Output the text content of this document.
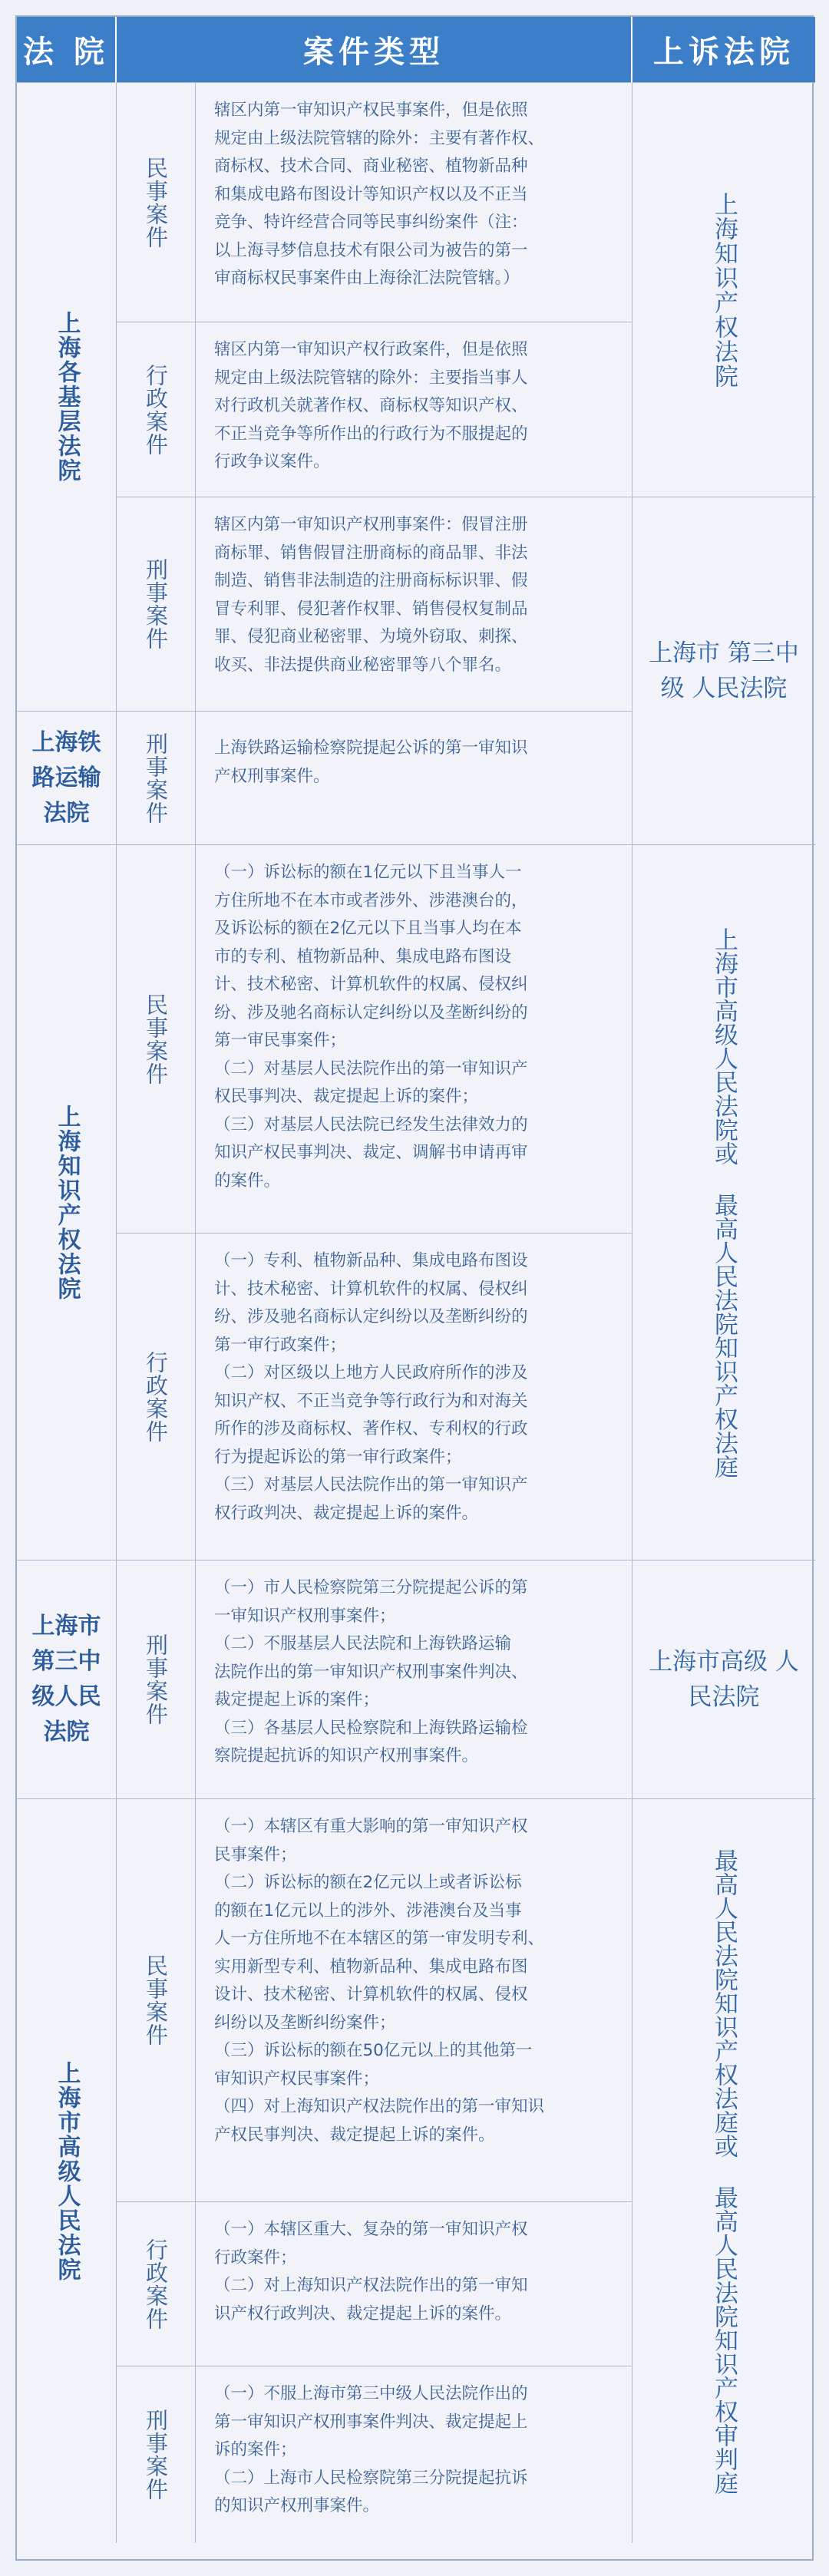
法 院	案件类型	上诉法院
上海各基层法院
上海铁路运输法院
上海知识产权法院
上海市第三中级人民法院
上海市高级人民法院
民事案件
行政案件
刑事案件
刑事案件
民事案件
行政案件
刑事案件
民事案件
行政案件
刑事案件
辖区内第一审知识产权民事案件，但是依照
规定由上级法院管辖的除外：主要有著作权、
商标权、技术合同、商业秘密、植物新品种
和集成电路布图设计等知识产权以及不正当
竞争、特许经营合同等民事纠纷案件（注：
以上海寻梦信息技术有限公司为被告的第一
审商标权民事案件由上海徐汇法院管辖。）
辖区内第一审知识产权行政案件，但是依照
规定由上级法院管辖的除外：主要指当事人
对行政机关就著作权、商标权等知识产权、
不正当竞争等所作出的行政行为不服提起的
行政争议案件。
辖区内第一审知识产权刑事案件：假冒注册
商标罪、销售假冒注册商标的商品罪、非法
制造、销售非法制造的注册商标标识罪、假
冒专利罪、侵犯著作权罪、销售侵权复制品
罪、侵犯商业秘密罪、为境外窃取、刺探、
收买、非法提供商业秘密罪等八个罪名。
上海铁路运输检察院提起公诉的第一审知识
产权刑事案件。
（一）诉讼标的额在1亿元以下且当事人一
方住所地不在本市或者涉外、涉港澳台的，
及诉讼标的额在2亿元以下且当事人均在本
市的专利、植物新品种、集成电路布图设
计、技术秘密、计算机软件的权属、侵权纠
纷、涉及驰名商标认定纠纷以及垄断纠纷的
第一审民事案件；
（二）对基层人民法院作出的第一审知识产
权民事判决、裁定提起上诉的案件；
（三）对基层人民法院已经发生法律效力的
知识产权民事判决、裁定、调解书申请再审
的案件。
（一）专利、植物新品种、集成电路布图设
计、技术秘密、计算机软件的权属、侵权纠
纷、涉及驰名商标认定纠纷以及垄断纠纷的
第一审行政案件；
（二）对区级以上地方人民政府所作的涉及
知识产权、不正当竞争等行政行为和对海关
所作的涉及商标权、著作权、专利权的行政
行为提起诉讼的第一审行政案件；
（三）对基层人民法院作出的第一审知识产
权行政判决、裁定提起上诉的案件。
（一）市人民检察院第三分院提起公诉的第
一审知识产权刑事案件；
（二）不服基层人民法院和上海铁路运输
法院作出的第一审知识产权刑事案件判决、
裁定提起上诉的案件；
（三）各基层人民检察院和上海铁路运输检
察院提起抗诉的知识产权刑事案件。
（一）本辖区有重大影响的第一审知识产权
民事案件；
（二）诉讼标的额在2亿元以上或者诉讼标
的额在1亿元以上的涉外、涉港澳台及当事
人一方住所地不在本辖区的第一审发明专利、
实用新型专利、植物新品种、集成电路布图
设计、技术秘密、计算机软件的权属、侵权
纠纷以及垄断纠纷案件；
（三）诉讼标的额在50亿元以上的其他第一
审知识产权民事案件；
（四）对上海知识产权法院作出的第一审知识
产权民事判决、裁定提起上诉的案件。
（一）本辖区重大、复杂的第一审知识产权
行政案件；
（二）对上海知识产权法院作出的第一审知
识产权行政判决、裁定提起上诉的案件。
（一）不服上海市第三中级人民法院作出的
第一审知识产权刑事案件判决、裁定提起上
诉的案件；
（二）上海市人民检察院第三分院提起抗诉
的知识产权刑事案件。
上海知识产权法院
上海市 第三中级 人民法院
上海市高级人民法院或 最高人民法院知识产权法庭
上海市高级 人民法院
最高人民法院知识产权法庭或 最高人民法院知识产权审判庭
